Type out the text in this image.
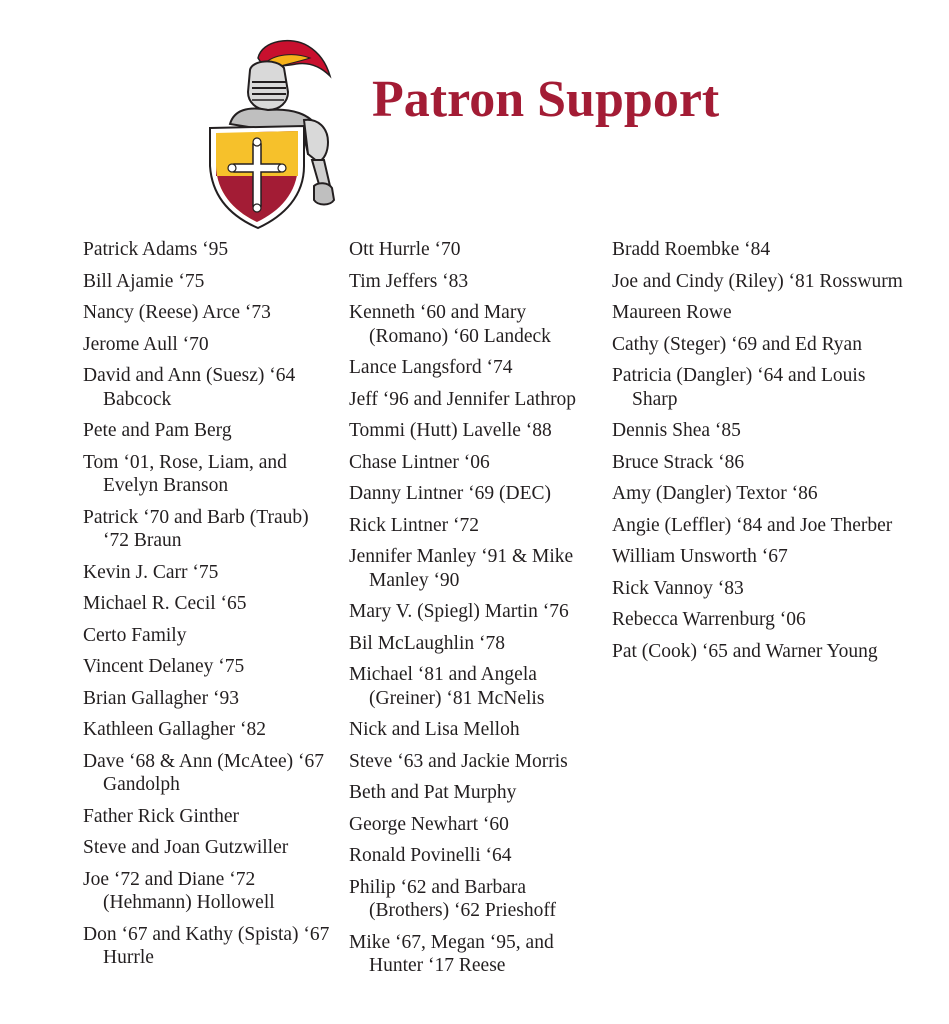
Patron Support
Patrick Adams ‘95
Bill Ajamie ‘75
Nancy (Reese) Arce ‘73
Jerome Aull ‘70
David and Ann (Suesz) ‘64 Babcock
Pete and Pam Berg
Tom ‘01, Rose, Liam, and Evelyn Branson
Patrick ‘70 and Barb (Traub) ‘72 Braun
Kevin J. Carr ‘75
Michael R. Cecil ‘65
Certo Family
Vincent Delaney ‘75
Brian Gallagher ‘93
Kathleen Gallagher ‘82
Dave ‘68 & Ann (McAtee) ‘67 Gandolph
Father Rick Ginther
Steve and Joan Gutzwiller
Joe ‘72 and Diane ‘72 (Hehmann) Hollowell
Don ‘67 and Kathy (Spista) ‘67 Hurrle
Ott Hurrle ‘70
Tim Jeffers ‘83
Kenneth ‘60 and Mary (Romano) ‘60 Landeck
Lance Langsford ‘74
Jeff ‘96 and Jennifer Lathrop
Tommi (Hutt) Lavelle ‘88
Chase Lintner ‘06
Danny Lintner ‘69 (DEC)
Rick Lintner ‘72
Jennifer Manley ‘91 & Mike Manley ‘90
Mary V. (Spiegl) Martin ‘76
Bil McLaughlin ‘78
Michael ‘81 and Angela (Greiner) ‘81 McNelis
Nick and Lisa Melloh
Steve ‘63 and Jackie Morris
Beth and Pat Murphy
George Newhart ‘60
Ronald Povinelli ‘64
Philip ‘62 and Barbara (Brothers) ‘62 Prieshoff
Mike ‘67, Megan ‘95, and Hunter ‘17 Reese
Bradd Roembke ‘84
Joe and Cindy (Riley) ‘81 Rosswurm
Maureen Rowe
Cathy (Steger) ‘69 and Ed Ryan
Patricia (Dangler) ‘64 and Louis Sharp
Dennis Shea ‘85
Bruce Strack ‘86
Amy (Dangler) Textor ‘86
Angie (Leffler) ‘84 and Joe Therber
William Unsworth ‘67
Rick Vannoy ‘83
Rebecca Warrenburg ‘06
Pat (Cook) ‘65 and Warner Young
